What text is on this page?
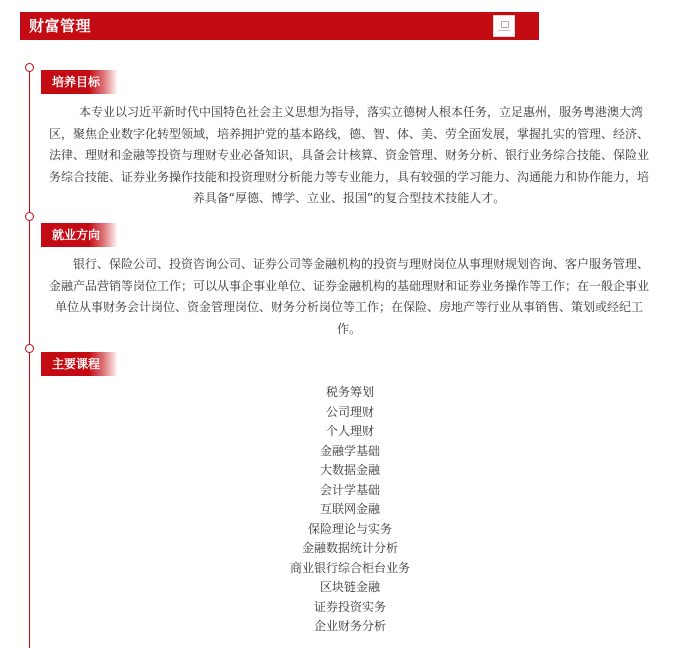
财富管理
培养目标

本专业以习近平新时代中国特色社会主义思想为指导，落实立德树人根本任务，立足惠州，服务粤港澳大湾区，聚焦企业数字化转型领域，培养拥护党的基本路线，德、智、体、美、劳全面发展，掌握扎实的管理、经济、法律、理财和金融等投资与理财专业必备知识，具备会计核算、资金管理、财务分析、银行业务综合技能、保险业务综合技能、证券业务操作技能和投资理财分析能力等专业能力，具有较强的学习能力、沟通能力和协作能力，培养具备“厚德、博学、立业、报国”的复合型技术技能人才。

就业方向

银行、保险公司、投资咨询公司、证券公司等金融机构的投资与理财岗位从事理财规划咨询、客户服务管理、金融产品营销等岗位工作；可以从事企事业单位、证券金融机构的基础理财和证券业务操作等工作；在一般企事业单位从事财务会计岗位、资金管理岗位、财务分析岗位等工作；在保险、房地产等行业从事销售、策划或经纪工作。

主要课程
税务筹划
公司理财
个人理财
金融学基础
大数据金融
会计学基础
互联网金融
保险理论与实务
金融数据统计分析
商业银行综合柜台业务
区块链金融
证券投资实务
企业财务分析
